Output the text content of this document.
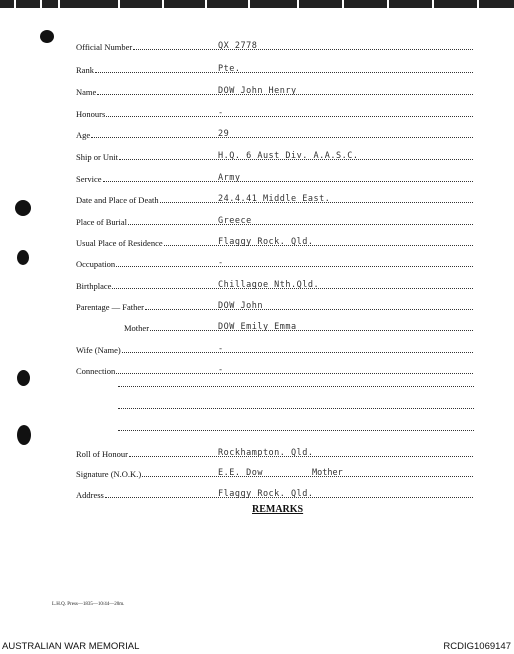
Official Number	QX 2778
Rank	Pte.
Name	DOW John Henry
Honours	-
Age	29
Ship or Unit	H.Q. 6 Aust Div. A.A.S.C.
Service	Army
Date and Place of Death	24.4.41 Middle East.
Place of Burial	Greece
Usual Place of Residence	Flaggy Rock. Qld.
Occupation	-
Birthplace	Chillagoe Nth.Qld.
Parentage — Father	DOW John
Mother	DOW Emily Emma
Wife (Name)	-
Connection	-
Roll of Honour	Rockhampton. Qld.
Signature (N.O.K.)	E.E. Dow	Mother
Address	Flaggy Rock. Qld.
REMARKS
L.H.Q. Press—1835—10/44—20m.
AUSTRALIAN WAR MEMORIAL	RCDIG1069147
